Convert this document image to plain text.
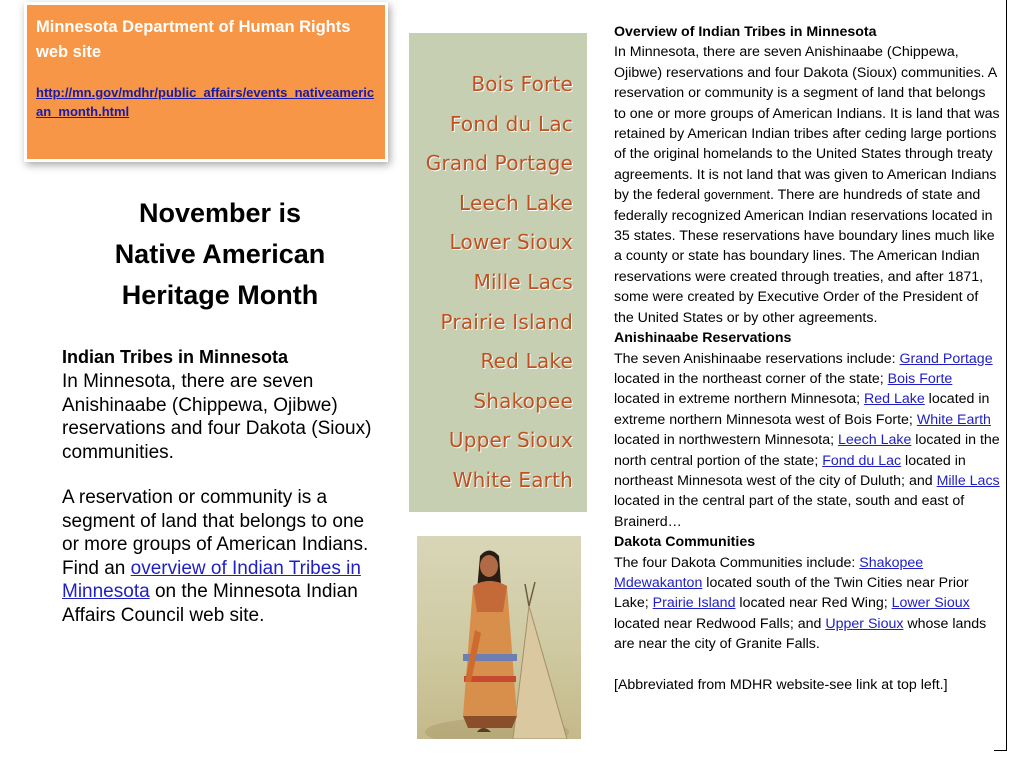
Minnesota Department of Human Rights web site
http://mn.gov/mdhr/public_affairs/events_nativeamerican_month.html
November is
Native American
Heritage Month
Indian Tribes in Minnesota
In Minnesota, there are seven Anishinaabe (Chippewa, Ojibwe) reservations and four Dakota (Sioux) communities.
A reservation or community is a segment of land that belongs to one or more groups of American Indians. Find an overview of Indian Tribes in Minnesota on the Minnesota Indian Affairs Council web site.
Bois Forte
Fond du Lac
Grand Portage
Leech Lake
Lower Sioux
Mille Lacs
Prairie Island
Red Lake
Shakopee
Upper Sioux
White Earth
Overview of Indian Tribes in Minnesota
In Minnesota, there are seven Anishinaabe (Chippewa, Ojibwe) reservations and four Dakota (Sioux) communities. A reservation or community is a segment of land that belongs to one or more groups of American Indians. It is land that was retained by American Indian tribes after ceding large portions of the original homelands to the United States through treaty agreements. It is not land that was given to American Indians by the federal government. There are hundreds of state and federally recognized American Indian reservations located in 35 states. These reservations have boundary lines much like a county or state has boundary lines. The American Indian reservations were created through treaties, and after 1871, some were created by Executive Order of the President of the United States or by other agreements.
Anishinaabe Reservations
The seven Anishinaabe reservations include: Grand Portage located in the northeast corner of the state; Bois Forte located in extreme northern Minnesota; Red Lake located in extreme northern Minnesota west of Bois Forte; White Earth located in northwestern Minnesota; Leech Lake located in the north central portion of the state; Fond du Lac located in northeast Minnesota west of the city of Duluth; and Mille Lacs located in the central part of the state, south and east of Brainerd…
Dakota Communities
The four Dakota Communities include: Shakopee Mdewakanton located south of the Twin Cities near Prior Lake; Prairie Island located near Red Wing; Lower Sioux located near Redwood Falls; and Upper Sioux whose lands are near the city of Granite Falls.
[Abbreviated from MDHR website-see link at top left.]
